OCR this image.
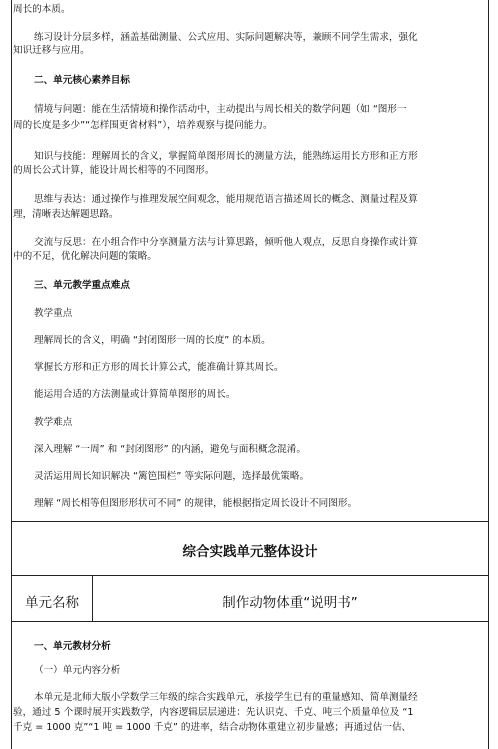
周长的本质。
练习设计分层多样，涵盖基础测量、公式应用、实际问题解决等，兼顾不同学生需求，强化
知识迁移与应用。
二、单元核心素养目标
情境与问题：能在生活情境和操作活动中，主动提出与周长相关的数学问题（如 “图形一
周的长度是多少”“怎样围更省材料”），培养观察与提问能力。
知识与技能：理解周长的含义，掌握简单图形周长的测量方法，能熟练运用长方形和正方形
的周长公式计算，能设计周长相等的不同图形。
思维与表达：通过操作与推理发展空间观念，能用规范语言描述周长的概念、测量过程及算
理，清晰表达解题思路。
交流与反思：在小组合作中分享测量方法与计算思路，倾听他人观点，反思自身操作或计算
中的不足，优化解决问题的策略。
三、单元教学重点难点
教学重点
理解周长的含义，明确 “封闭图形一周的长度” 的本质。
掌握长方形和正方形的周长计算公式，能准确计算其周长。
能运用合适的方法测量或计算简单图形的周长。
教学难点
深入理解 “一周” 和 “封闭图形” 的内涵，避免与面积概念混淆。
灵活运用周长知识解决 “篱笆围栏” 等实际问题，选择最优策略。
理解 “周长相等但图形形状可不同” 的规律，能根据指定周长设计不同图形。
综合实践单元整体设计
单元名称	制作动物体重“说明书”
一、单元教材分析
（一）单元内容分析
本单元是北师大版小学数学三年级的综合实践单元，承接学生已有的重量感知、简单测量经
验，通过 5 个课时展开实践数学，内容逻辑层层递进：先认识克、千克、吨三个质量单位及 “1
千克 = 1000 克”“1 吨 = 1000 千克” 的进率，结合动物体重建立初步量感；再通过估一估、
